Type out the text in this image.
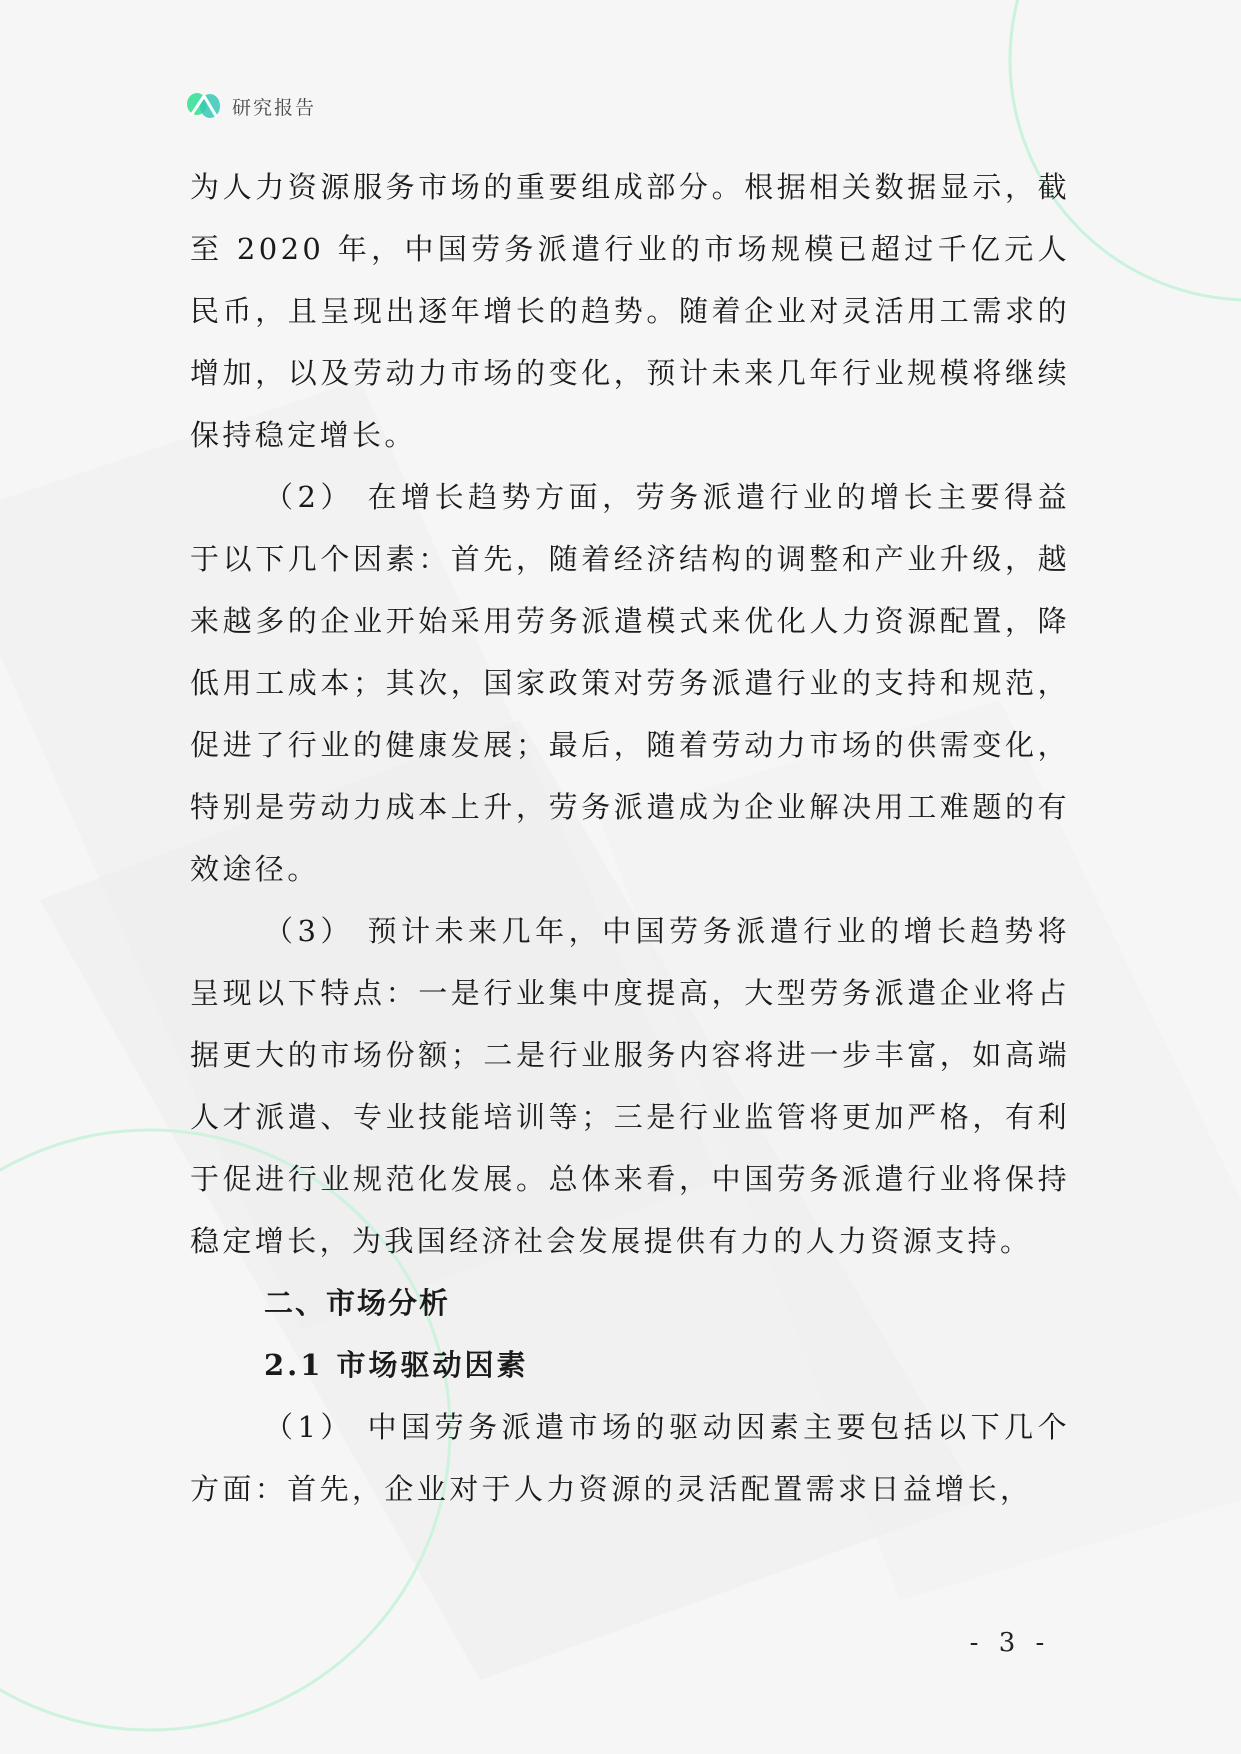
研究报告

为人力资源服务市场的重要组成部分。根据相关数据显示，截至 2020 年，中国劳务派遣行业的市场规模已超过千亿元人民币，且呈现出逐年增长的趋势。随着企业对灵活用工需求的增加，以及劳动力市场的变化，预计未来几年行业规模将继续保持稳定增长。

（2） 在增长趋势方面，劳务派遣行业的增长主要得益于以下几个因素：首先，随着经济结构的调整和产业升级，越来越多的企业开始采用劳务派遣模式来优化人力资源配置，降低用工成本；其次，国家政策对劳务派遣行业的支持和规范，促进了行业的健康发展；最后，随着劳动力市场的供需变化，特别是劳动力成本上升，劳务派遣成为企业解决用工难题的有效途径。

（3） 预计未来几年，中国劳务派遣行业的增长趋势将呈现以下特点：一是行业集中度提高，大型劳务派遣企业将占据更大的市场份额；二是行业服务内容将进一步丰富，如高端人才派遣、专业技能培训等；三是行业监管将更加严格，有利于促进行业规范化发展。总体来看，中国劳务派遣行业将保持稳定增长，为我国经济社会发展提供有力的人力资源支持。

二、市场分析
2.1 市场驱动因素

（1） 中国劳务派遣市场的驱动因素主要包括以下几个方面：首先，企业对于人力资源的灵活配置需求日益增长，

- 3 -
